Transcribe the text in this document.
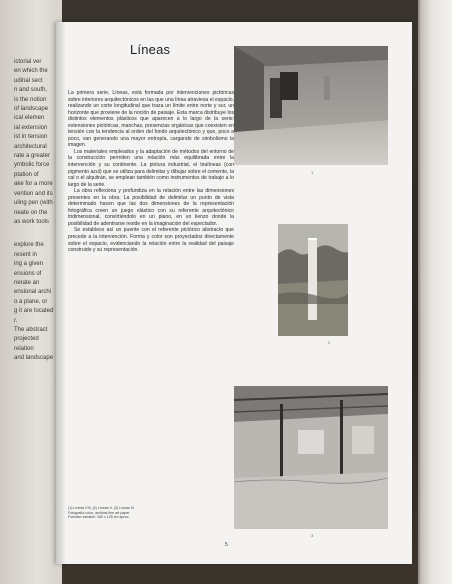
ictorial ver
en which the
udinal sect
n and south,
is the notion
of landscape
ical elemen
ial extension
ist in tension
architectural
rate a greater
ymbolic force
ptation of
ake for a more
vention and its
uling pen (with
neate on the
as work tools
explore the
resent in
ing a given
ensions of
nerate an
ensional archi
o a plane, or
g it are located
r.
The abstract
projected
relation
and landscape
Líneas

La primera serie, Líneas, está formada por intervenciones pictóricas sobre interiores arquitectónicos en las que una línea atraviesa el espacio, realizando un corte longitudinal que traza un límite entre norte y sur, un horizonte que proviene de la noción de paisaje. Esta marca distribuye los distintos elementos plásticos que aparecen a lo largo de la serie: extensiones pictóricas, manchas, presencias orgánicas que coexisten en tensión con la tendencia al orden del fondo arquitectónico y que, poco a poco, van generando una mayor entropía, cargando de simbolismo la imagen.

Los materiales empleados y la adaptación de métodos del entorno de la construcción permiten una relación más equilibrada entre la intervención y su continente. La pintura industrial, el tiralíneas (con pigmento azul) que se utiliza para delimitar y dibujar sobre el cemento, la cal o el alquitrán, se emplean también como instrumentos de trabajo a lo largo de la serie.

La obra reflexiona y profundiza en la relación entre las dimensiones presentes en la obra. La posibilidad de delimitar un punto de vista determinado hacen que las dos dimensiones de la representación fotográfica creen un juego elástico con su referente arquitectónico tridimensional, convirtiéndolo en un plano, en un lienzo donde la posibilidad de adentrarse reside en la imaginación del espectador.

Se establece así un puente con el referente pictórico abstracto que precede a la intervención. Forma y color son proyectados directamente sobre el espacio, evidenciando la relación entre la realidad del paisaje construido y su representación.

1
2
3
(1) Líneas VIII, (2) Líneas II, (3) Líneas IX
Fotografía color, archival fine art paper
Formato variable: 160 x 125 cm aprox.
5
